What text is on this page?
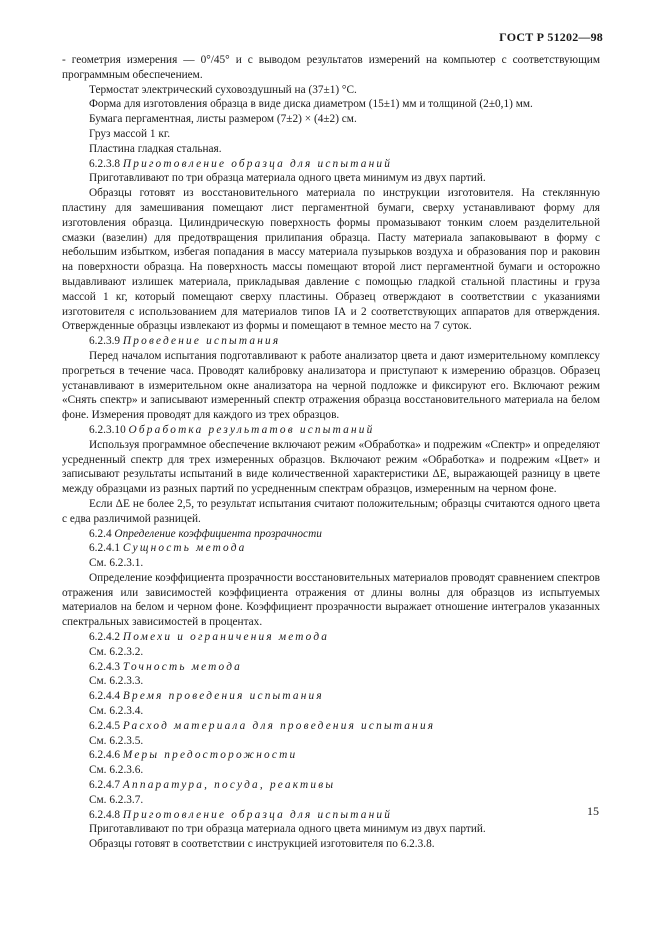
ГОСТ Р 51202—98

- геометрия измерения — 0°/45° и с выводом результатов измерений на компьютер с соответствующим программным обеспечением.

Термостат электрический суховоздушный на (37±1) °С.

Форма для изготовления образца в виде диска диаметром (15±1) мм и толщиной (2±0,1) мм.

Бумага пергаментная, листы размером (7±2) × (4±2) см.

Груз массой 1 кг.

Пластина гладкая стальная.

6.2.3.8 Приготовление образца для испытаний

Приготавливают по три образца материала одного цвета минимум из двух партий.

Образцы готовят из восстановительного материала по инструкции изготовителя. На стеклянную пластину для замешивания помещают лист пергаментной бумаги, сверху устанавливают форму для изготовления образца. Цилиндрическую поверхность формы промазывают тонким слоем разделительной смазки (вазелин) для предотвращения прилипания образца. Пасту материала запаковывают в форму с небольшим избытком, избегая попадания в массу материала пузырьков воздуха и образования пор и раковин на поверхности образца. На поверхность массы помещают второй лист пергаментной бумаги и осторожно выдавливают излишек материала, прикладывая давление с помощью гладкой стальной пластины и груза массой 1 кг, который помещают сверху пластины. Образец отверждают в соответствии с указаниями изготовителя с использованием для материалов типов IА и 2 соответствующих аппаратов для отверждения. Отвержденные образцы извлекают из формы и помещают в темное место на 7 суток.

6.2.3.9 Проведение испытания

Перед началом испытания подготавливают к работе анализатор цвета и дают измерительному комплексу прогреться в течение часа. Проводят калибровку анализатора и приступают к измерению образцов. Образец устанавливают в измерительном окне анализатора на черной подложке и фиксируют его. Включают режим «Снять спектр» и записывают измеренный спектр отражения образца восстановительного материала на белом фоне. Измерения проводят для каждого из трех образцов.

6.2.3.10 Обработка результатов испытаний

Используя программное обеспечение включают режим «Обработка» и подрежим «Спектр» и определяют усредненный спектр для трех измеренных образцов. Включают режим «Обработка» и подрежим «Цвет» и записывают результаты испытаний в виде количественной характеристики ΔE, выражающей разницу в цвете между образцами из разных партий по усредненным спектрам образцов, измеренным на черном фоне.

Если ΔE не более 2,5, то результат испытания считают положительным; образцы считаются одного цвета с едва различимой разницей.

6.2.4 Определение коэффициента прозрачности

6.2.4.1 Сущность метода

См. 6.2.3.1.

Определение коэффициента прозрачности восстановительных материалов проводят сравнением спектров отражения или зависимостей коэффициента отражения от длины волны для образцов из испытуемых материалов на белом и черном фоне. Коэффициент прозрачности выражает отношение интегралов указанных спектральных зависимостей в процентах.

6.2.4.2 Помехи и ограничения метода

См. 6.2.3.2.

6.2.4.3 Точность метода

См. 6.2.3.3.

6.2.4.4 Время проведения испытания

См. 6.2.3.4.

6.2.4.5 Расход материала для проведения испытания

См. 6.2.3.5.

6.2.4.6 Меры предосторожности

См. 6.2.3.6.

6.2.4.7 Аппаратура, посуда, реактивы

См. 6.2.3.7.

6.2.4.8 Приготовление образца для испытаний

Приготавливают по три образца материала одного цвета минимум из двух партий.

Образцы готовят в соответствии с инструкцией изготовителя по 6.2.3.8.

15
